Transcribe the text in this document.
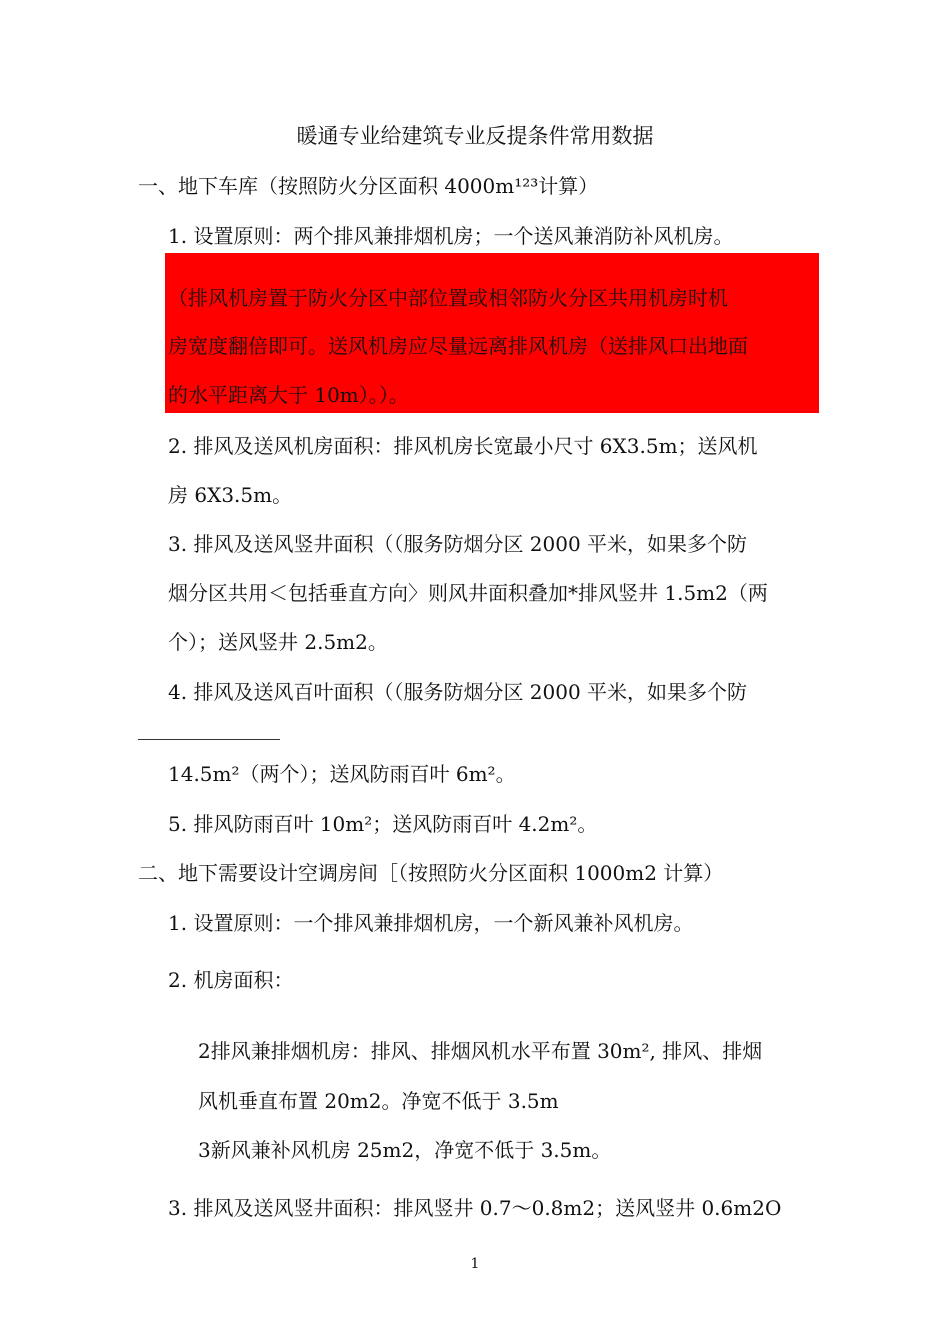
暖通专业给建筑专业反提条件常用数据
一、地下车库（按照防火分区面积 4000m¹²³计算）
1. 设置原则：两个排风兼排烟机房；一个送风兼消防补风机房。
（排风机房置于防火分区中部位置或相邻防火分区共用机房时机
房宽度翻倍即可。送风机房应尽量远离排风机房（送排风口出地面
的水平距离大于 10m）。）。
2. 排风及送风机房面积：排风机房长宽最小尺寸 6X3.5m；送风机
房 6X3.5m。
3. 排风及送风竖井面积（（服务防烟分区 2000 平米，如果多个防
烟分区共用＜包括垂直方向〉则风井面积叠加*排风竖井 1.5m2（两
个）；送风竖井 2.5m2。
4. 排风及送风百叶面积（（服务防烟分区 2000 平米，如果多个防
14.5m²（两个）；送风防雨百叶 6m²。
5. 排风防雨百叶 10m²；送风防雨百叶 4.2m²。
二、地下需要设计空调房间［（按照防火分区面积 1000m2 计算）
1. 设置原则：一个排风兼排烟机房，一个新风兼补风机房。
2. 机房面积：
2排风兼排烟机房：排风、排烟风机水平布置 30m², 排风、排烟
风机垂直布置 20m2。净宽不低于 3.5m
3新风兼补风机房 25m2，净宽不低于 3.5m。
3. 排风及送风竖井面积：排风竖井 0.7〜0.8m2；送风竖井 0.6m2O
1
